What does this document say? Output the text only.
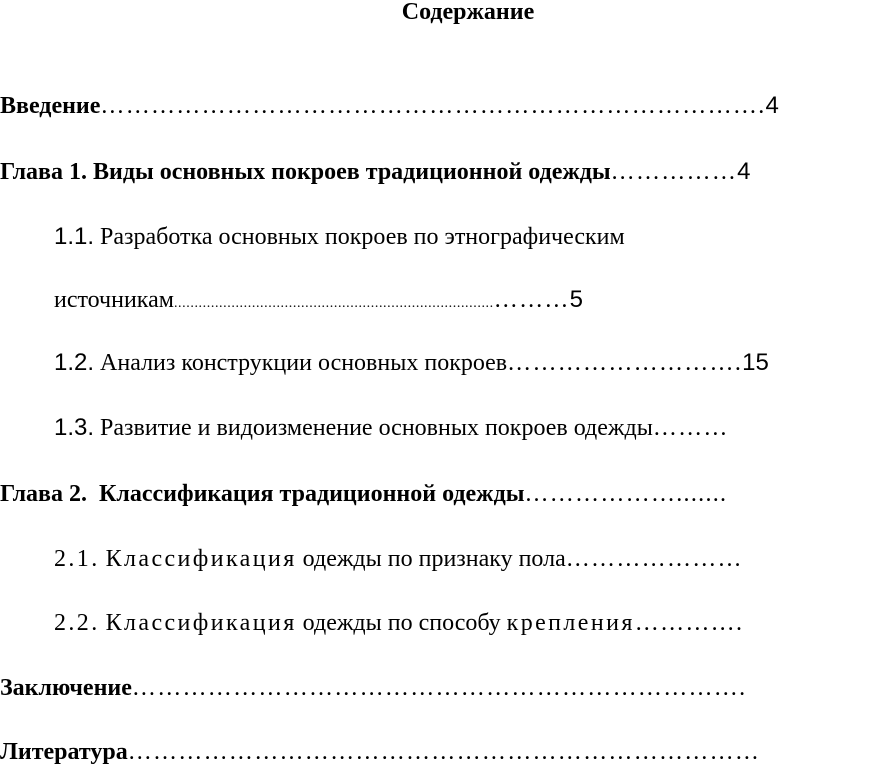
Содержание
Введение…………………………………………………………………….4
Глава 1. Виды основных покроев традиционной одежды……………4
1.1. Разработка основных покроев по этнографическим
источникам..............................................................................………5
1.2. Анализ конструкции основных покроев……………………….15
1.3. Развитие и видоизменение основных покроев одежды………
Глава 2.  Классификация традиционной одежды……………….......
2.1. Классификация одежды по признаку пола…………………
2.2. Классификация одежды по способу крепления………….
Заключение……………………………………………………………….
Литература…………………………………………………………………
